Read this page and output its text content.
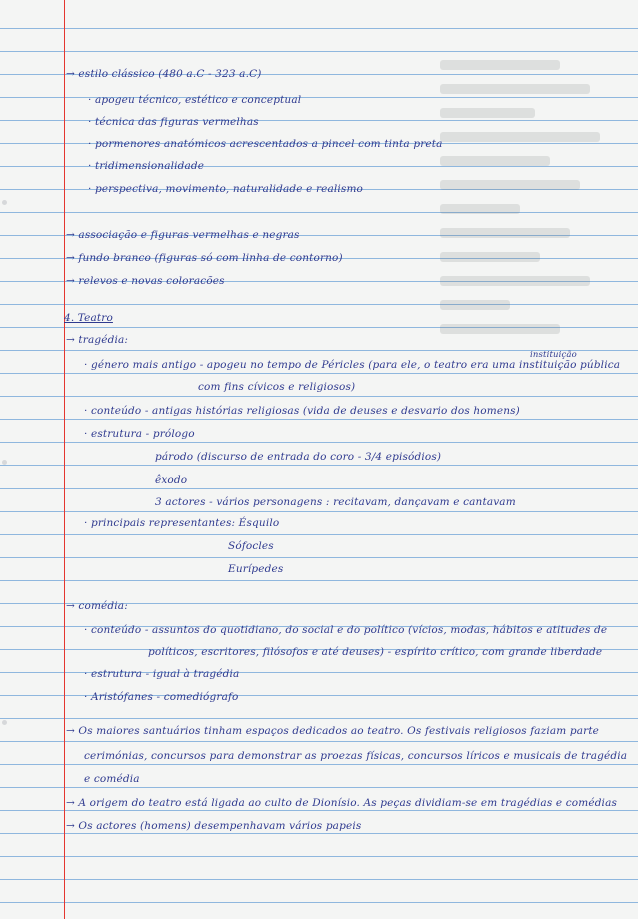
→ estilo clássico (480 a.C - 323 a.C)
· apogeu técnico, estético e conceptual
· técnica das figuras vermelhas
· pormenores anatómicos acrescentados a pincel com tinta preta
· tridimensionalidade
· perspectiva, movimento, naturalidade e realismo
→ associação e figuras vermelhas e negras
→ fundo branco (figuras só com linha de contorno)
→ relevos e novas coloracões
4. Teatro
→ tragédia:
instituição
· género mais antigo - apogeu no tempo de Péricles (para ele, o teatro era uma instituição pública
com fins cívicos e religiosos)
· conteúdo - antigas histórias religiosas (vida de deuses e desvario dos homens)
· estrutura - prólogo
párodo (discurso de entrada do coro - 3/4 episódios)
êxodo
3 actores - vários personagens : recitavam, dançavam e cantavam
· principais representantes: Ésquilo
Sófocles
Eurípedes
→ comédia:
· conteúdo - assuntos do quotidiano, do social e do político (vícios, modas, hábitos e atitudes de
políticos, escritores, filósofos e até deuses) - espírito crítico, com grande liberdade
· estrutura - igual à tragédia
· Aristófanes - comediógrafo
→ Os maiores santuários tinham espaços dedicados ao teatro. Os festivais religiosos faziam parte
cerimónias, concursos para demonstrar as proezas físicas, concursos líricos e musicais de tragédia
e comédia
→ A origem do teatro está ligada ao culto de Dionísio. As peças dividiam-se em tragédias e comédias
→ Os actores (homens) desempenhavam vários papeis
